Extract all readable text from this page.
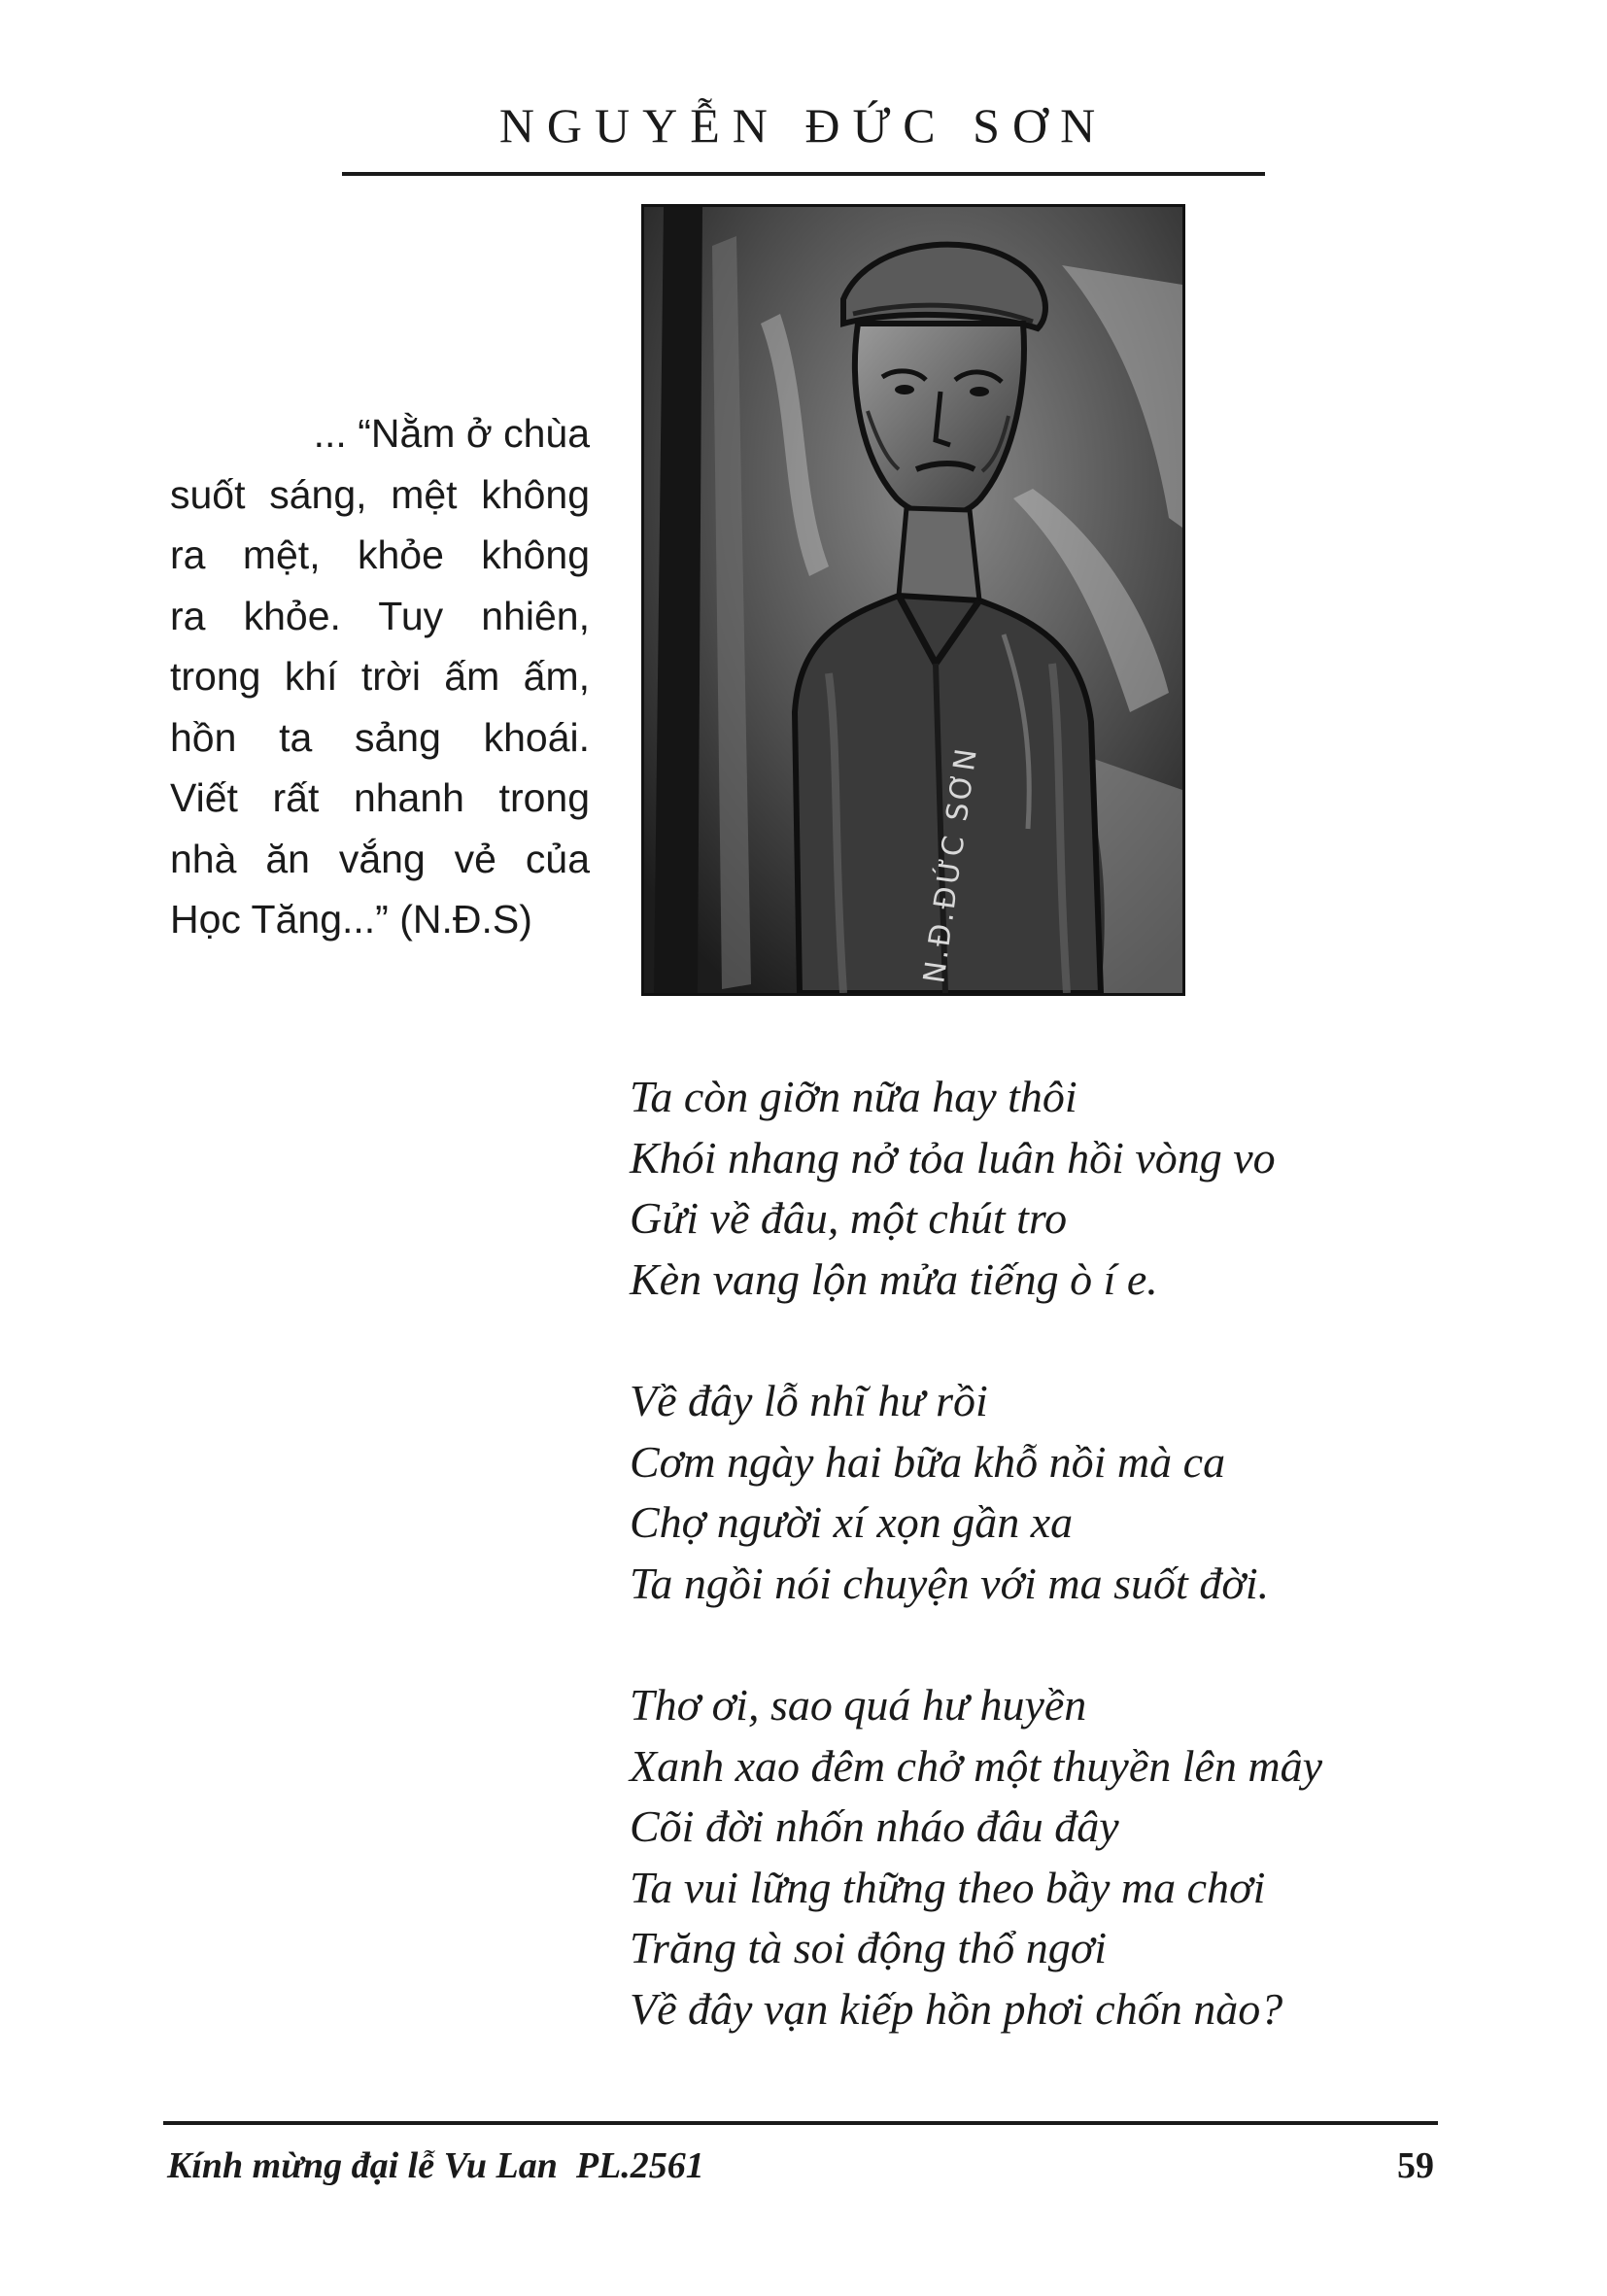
NGUYỄN ĐỨC SƠN
... “Nằm ở chùa
suốt sáng, mệt không
ra mệt, khỏe không
ra khỏe. Tuy nhiên,
trong khí trời ấm ấm,
hồn ta sảng khoái.
Viết rất nhanh trong
nhà ăn vắng vẻ của
Học Tăng...” (N.Đ.S)	N.Đ.ĐỨC SƠN
Ta còn giỡn nữa hay thôi
Khói nhang nở tỏa luân hồi vòng vo
Gửi về đâu, một chút tro
Kèn vang lộn mửa tiếng ò í e.
Về đây lỗ nhĩ hư rồi
Cơm ngày hai bữa khỗ nồi mà ca
Chợ người xí xọn gần xa
Ta ngồi nói chuyện với ma suốt đời.
Thơ ơi, sao quá hư huyền
Xanh xao đêm chở một thuyền lên mây
Cõi đời nhốn nháo đâu đây
Ta vui lững thững theo bầy ma chơi
Trăng tà soi động thổ ngơi
Về đây vạn kiếp hồn phơi chốn nào?
Kính mừng đại lễ Vu Lan  PL.2561	59
